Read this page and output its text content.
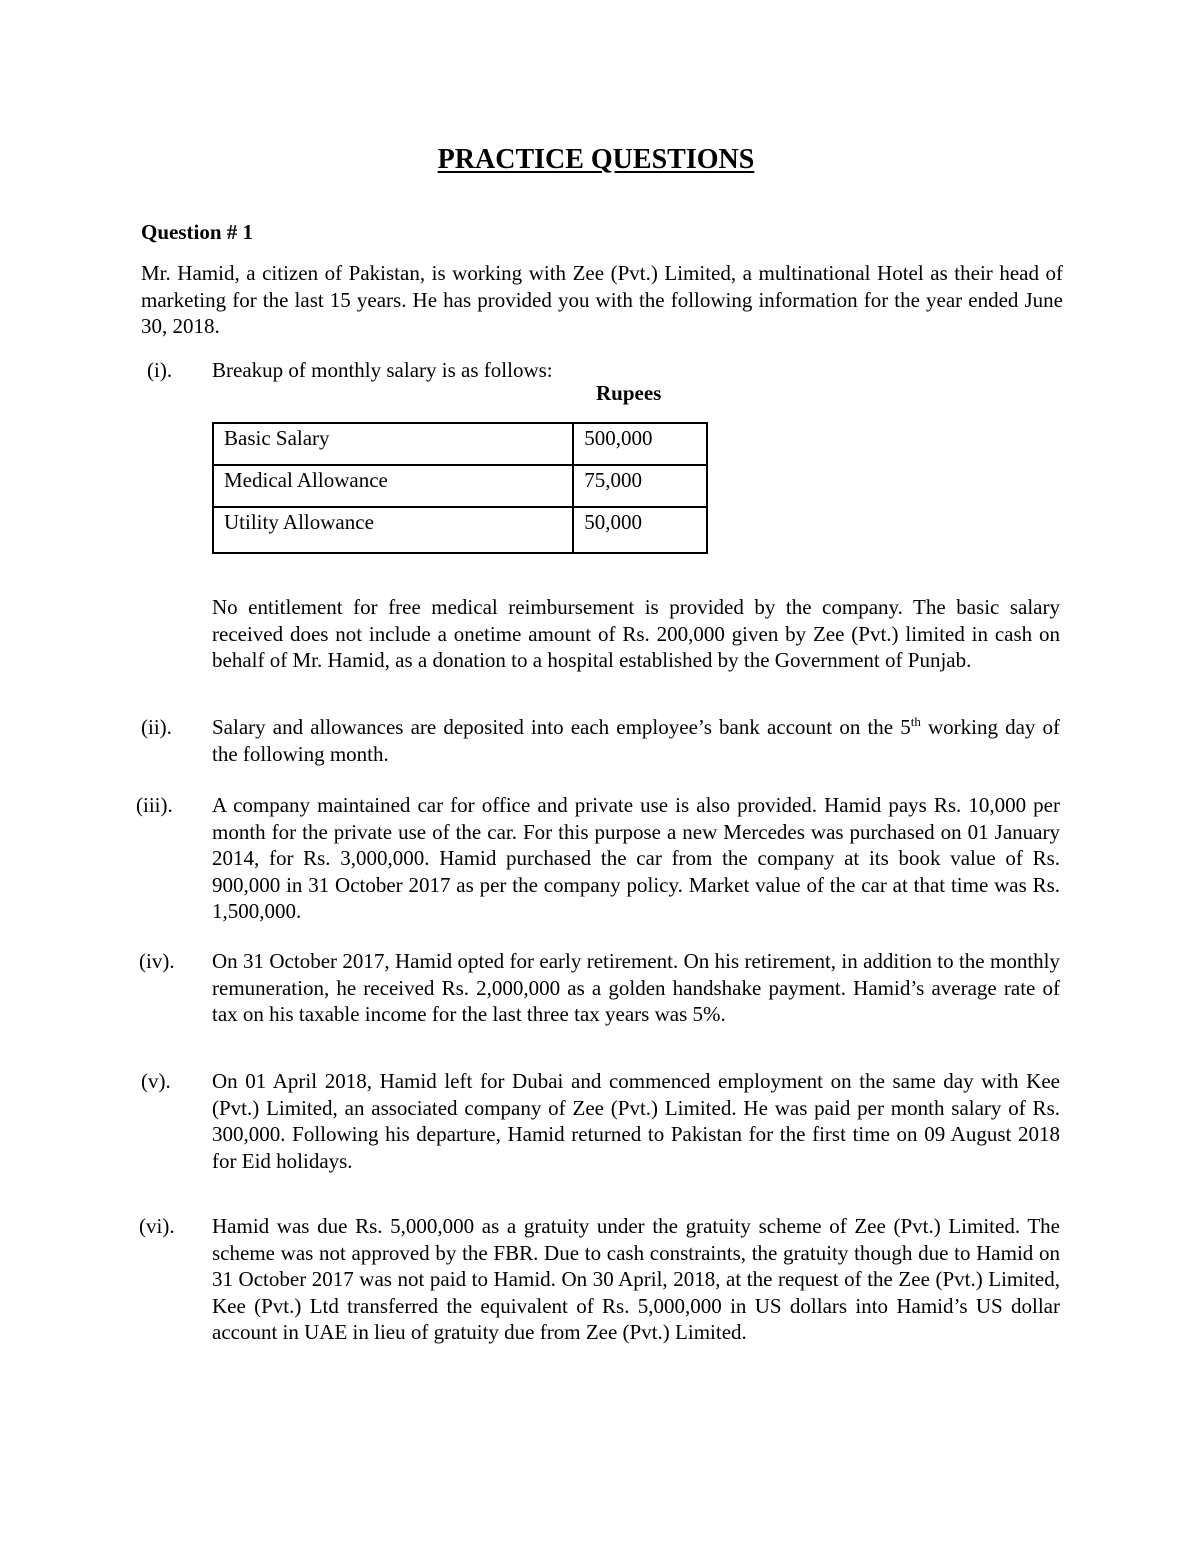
PRACTICE QUESTIONS
Question # 1
Mr. Hamid, a citizen of Pakistan, is working with Zee (Pvt.) Limited, a multinational Hotel as their head of marketing for the last 15 years. He has provided you with the following information for the year ended June 30, 2018.
(i). Breakup of monthly salary is as follows:
Rupees
Basic Salary	500,000
Medical Allowance	75,000
Utility Allowance	50,000
No entitlement for free medical reimbursement is provided by the company. The basic salary received does not include a onetime amount of Rs. 200,000 given by Zee (Pvt.) limited in cash on behalf of Mr. Hamid, as a donation to a hospital established by the Government of Punjab.
(ii). Salary and allowances are deposited into each employee’s bank account on the 5th working day of the following month.
(iii). A company maintained car for office and private use is also provided. Hamid pays Rs. 10,000 per month for the private use of the car. For this purpose a new Mercedes was purchased on 01 January 2014, for Rs. 3,000,000. Hamid purchased the car from the company at its book value of Rs. 900,000 in 31 October 2017 as per the company policy. Market value of the car at that time was Rs. 1,500,000.
(iv). On 31 October 2017, Hamid opted for early retirement. On his retirement, in addition to the monthly remuneration, he received Rs. 2,000,000 as a golden handshake payment. Hamid’s average rate of tax on his taxable income for the last three tax years was 5%.
(v). On 01 April 2018, Hamid left for Dubai and commenced employment on the same day with Kee (Pvt.) Limited, an associated company of Zee (Pvt.) Limited. He was paid per month salary of Rs. 300,000. Following his departure, Hamid returned to Pakistan for the first time on 09 August 2018 for Eid holidays.
(vi). Hamid was due Rs. 5,000,000 as a gratuity under the gratuity scheme of Zee (Pvt.) Limited. The scheme was not approved by the FBR. Due to cash constraints, the gratuity though due to Hamid on 31 October 2017 was not paid to Hamid. On 30 April, 2018, at the request of the Zee (Pvt.) Limited, Kee (Pvt.) Ltd transferred the equivalent of Rs. 5,000,000 in US dollars into Hamid’s US dollar account in UAE in lieu of gratuity due from Zee (Pvt.) Limited.
